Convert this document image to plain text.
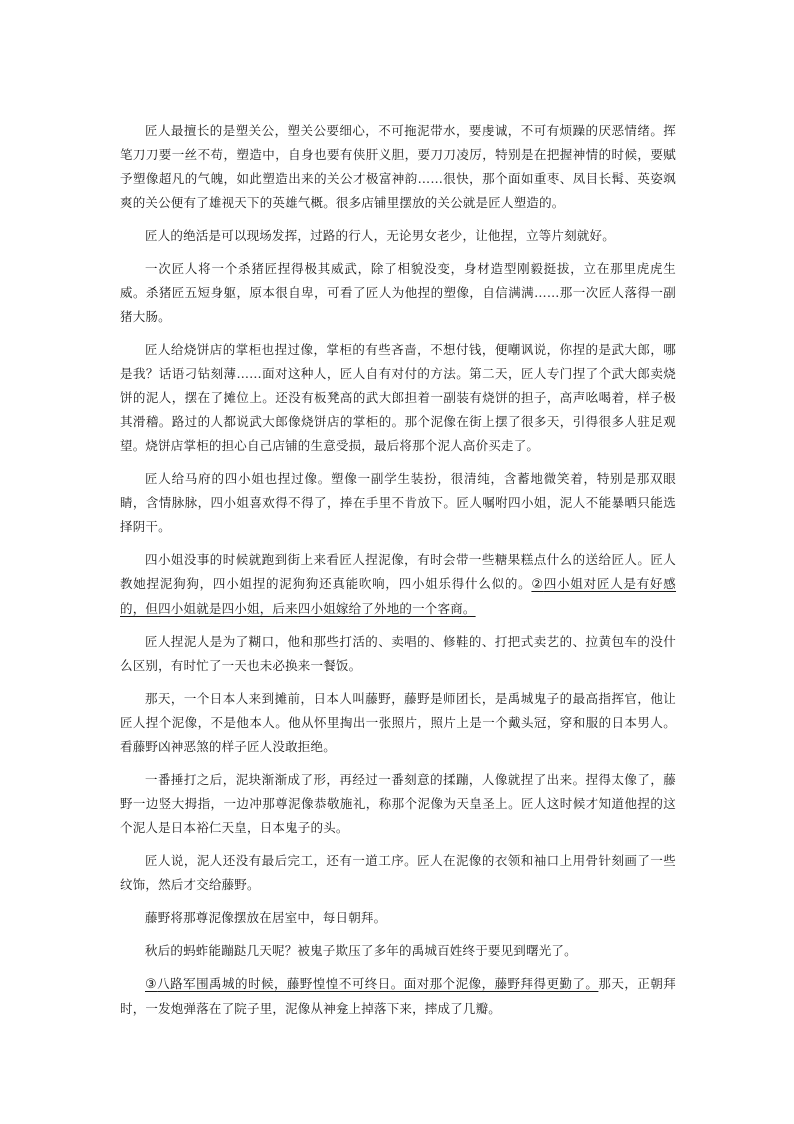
匠人最擅长的是塑关公，塑关公要细心，不可拖泥带水，要虔诚，不可有烦躁的厌恶情绪。挥笔刀刀要一丝不苟，塑造中，自身也要有侠肝义胆，要刀刀凌厉，特别是在把握神情的时候，要赋予塑像超凡的气魄，如此塑造出来的关公才极富神韵……很快，那个面如重枣、凤目长髯、英姿飒爽的关公便有了雄视天下的英雄气概。很多店铺里摆放的关公就是匠人塑造的。

匠人的绝活是可以现场发挥，过路的行人，无论男女老少，让他捏，立等片刻就好。

一次匠人将一个杀猪匠捏得极其威武，除了相貌没变，身材造型刚毅挺拔，立在那里虎虎生威。杀猪匠五短身躯，原本很自卑，可看了匠人为他捏的塑像，自信满满……那一次匠人落得一副猪大肠。

匠人给烧饼店的掌柜也捏过像，掌柜的有些吝啬，不想付钱，便嘲讽说，你捏的是武大郎，哪是我？话语刁钻刻薄……面对这种人，匠人自有对付的方法。第二天，匠人专门捏了个武大郎卖烧饼的泥人，摆在了摊位上。还没有板凳高的武大郎担着一副装有烧饼的担子，高声吆喝着，样子极其滑稽。路过的人都说武大郎像烧饼店的掌柜的。那个泥像在街上摆了很多天，引得很多人驻足观望。烧饼店掌柜的担心自己店铺的生意受损，最后将那个泥人高价买走了。

匠人给马府的四小姐也捏过像。塑像一副学生装扮，很清纯，含蓄地微笑着，特别是那双眼睛，含情脉脉，四小姐喜欢得不得了，捧在手里不肯放下。匠人嘱咐四小姐，泥人不能暴晒只能选择阴干。

四小姐没事的时候就跑到街上来看匠人捏泥像，有时会带一些糖果糕点什么的送给匠人。匠人教她捏泥狗狗，四小姐捏的泥狗狗还真能吹响，四小姐乐得什么似的。②四小姐对匠人是有好感的，但四小姐就是四小姐，后来四小姐嫁给了外地的一个客商。

匠人捏泥人是为了糊口，他和那些打活的、卖唱的、修鞋的、打把式卖艺的、拉黄包车的没什么区别，有时忙了一天也未必换来一餐饭。

那天，一个日本人来到摊前，日本人叫藤野，藤野是师团长，是禹城鬼子的最高指挥官，他让匠人捏个泥像，不是他本人。他从怀里掏出一张照片，照片上是一个戴头冠，穿和服的日本男人。看藤野凶神恶煞的样子匠人没敢拒绝。

一番捶打之后，泥块渐渐成了形，再经过一番刻意的揉蹦，人像就捏了出来。捏得太像了，藤野一边竖大拇指，一边冲那尊泥像恭敬施礼，称那个泥像为天皇圣上。匠人这时候才知道他捏的这个泥人是日本裕仁天皇，日本鬼子的头。

匠人说，泥人还没有最后完工，还有一道工序。匠人在泥像的衣领和袖口上用骨针刻画了一些纹饰，然后才交给藤野。

藤野将那尊泥像摆放在居室中，每日朝拜。

秋后的蚂蚱能蹦跶几天呢？被鬼子欺压了多年的禹城百姓终于要见到曙光了。

③八路军围禹城的时候，藤野惶惶不可终日。面对那个泥像，藤野拜得更勤了。那天，正朝拜时，一发炮弹落在了院子里，泥像从神龛上掉落下来，摔成了几瓣。
